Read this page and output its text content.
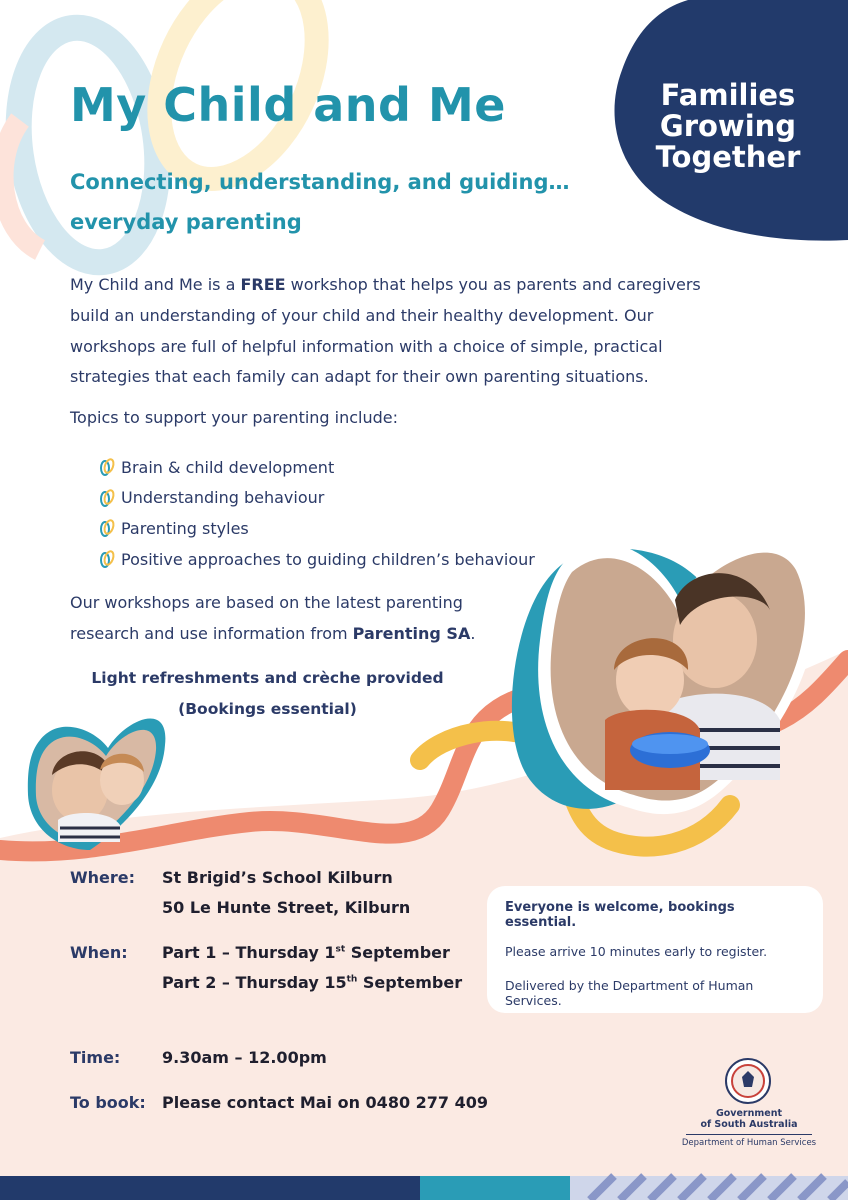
My Child and Me
Connecting, understanding, and guiding…
everyday parenting
Families
Growing
Together

My Child and Me is a FREE workshop that helps you as parents and caregivers build an understanding of your child and their healthy development. Our workshops are full of helpful information with a choice of simple, practical strategies that each family can adapt for their own parenting situations.

Topics to support your parenting include:
Brain & child development
Understanding behaviour
Parenting styles
Positive approaches to guiding children’s behaviour

Our workshops are based on the latest parenting research and use information from Parenting SA.

Light refreshments and crèche provided
(Bookings essential)
Where: St Brigid’s School Kilburn
50 Le Hunte Street, Kilburn
When: Part 1 – Thursday 1st September
Part 2 – Thursday 15th September
Time:	9.30am – 12.00pm
To book: Please contact Mai on 0480 277 409
Everyone is welcome, bookings essential.
Please arrive 10 minutes early to register.
Delivered by the Department of Human Services.
Government
of South Australia
Department of Human Services
